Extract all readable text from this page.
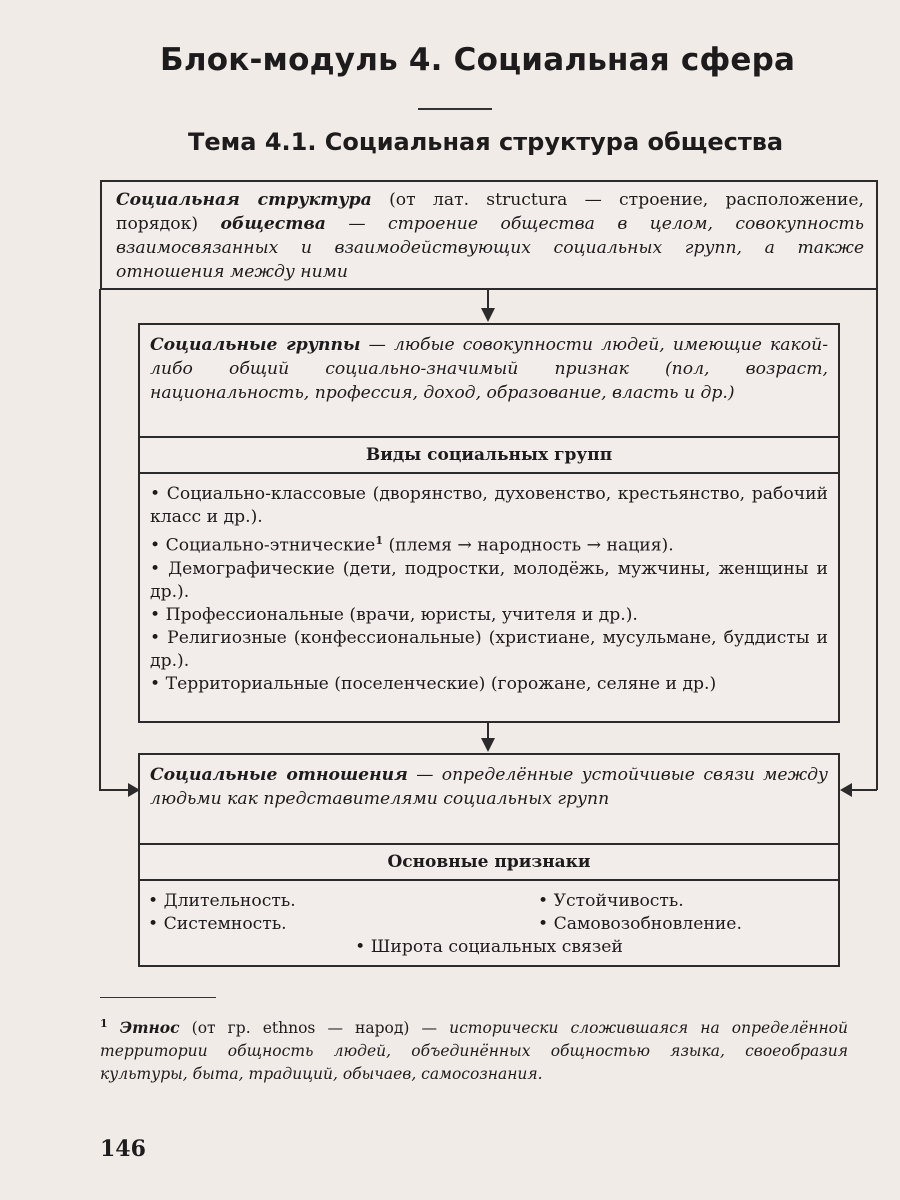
Блок-модуль 4. Социальная сфера
Тема 4.1. Социальная структура общества

Социальная структура (от лат. structura — строение, расположение, порядок) общества — строение общества в целом, совокупность взаимосвязанных и взаимодействующих социальных групп, а также отношения между ними

Социальные группы — любые совокупности людей, имеющие какой-либо общий социально-значимый признак (пол, возраст, национальность, профессия, доход, образование, власть и др.)

Виды социальных групп

• Социально-классовые (дворянство, духовенство, крестьянство, рабочий класс и др.).

• Социально-этнические$^1$ (племя → народность → нация).

• Демографические (дети, подростки, молодёжь, мужчины, женщины и др.).

• Профессиональные (врачи, юристы, учителя и др.).

• Религиозные (конфессиональные) (христиане, мусульмане, буддисты и др.).

• Территориальные (поселенческие) (горожане, селяне и др.)

Социальные отношения — определённые устойчивые связи между людьми как представителями социальных групп

Основные признаки

• Длительность.

• Системность.

• Устойчивость.

• Самовозобновление.

• Широта социальных связей

$^1$ Этнос (от гр. ethnos — народ) — исторически сложившаяся на определённой территории общность людей, объединённых общностью языка, своеобразия культуры, быта, традиций, обычаев, самосознания.

146
